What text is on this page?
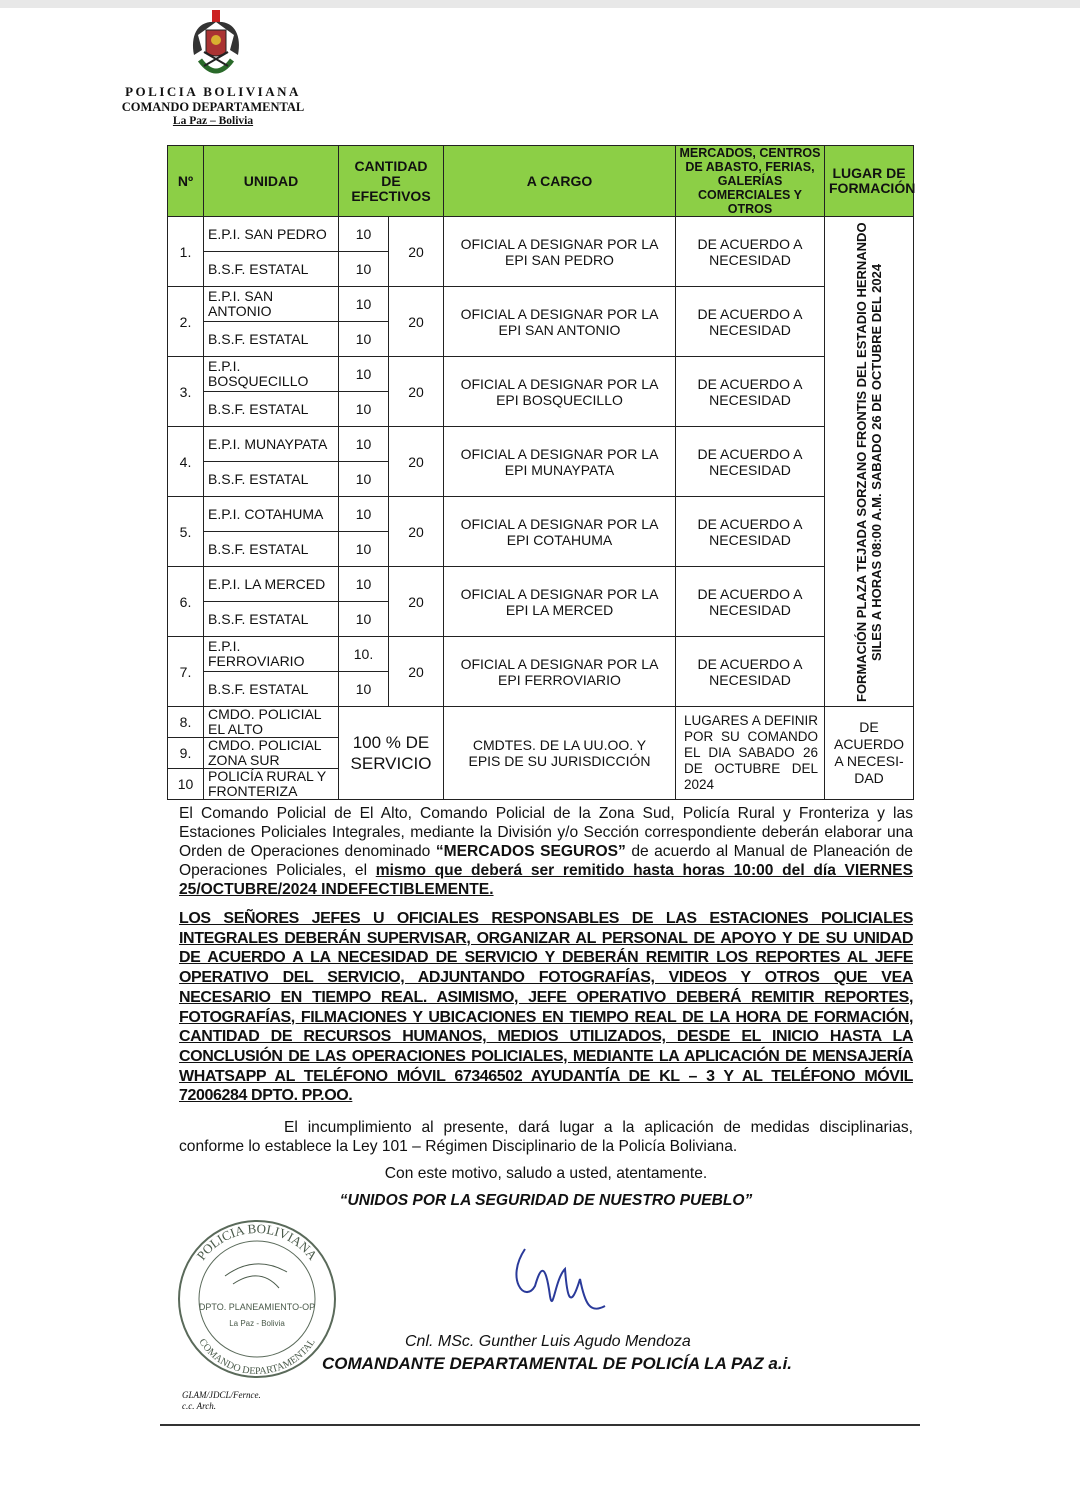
POLICIA BOLIVIANA
COMANDO DEPARTAMENTAL
La Paz – Bolivia
Nº	UNIDAD	CANTIDAD DE EFECTIVOS		A CARGO	MERCADOS, CENTROS DE ABASTO, FERIAS, GALERÍAS COMERCIALES Y OTROS	LUGAR DE FORMACIÓN
1.	E.P.I. SAN PEDRO	10	20	OFICIAL A DESIGNAR POR LA EPI SAN PEDRO	DE ACUERDO A NECESIDAD	FORMACIÓN PLAZA TEJADA SORZANO FRONTIS DEL ESTADIO HERNANDO SILES A HORAS 08:00 A.M. SABADO 26 DE OCTUBRE DEL 2024

	B.S.F. ESTATAL	10				
2.	E.P.I. SAN ANTONIO	10	20	OFICIAL A DESIGNAR POR LA EPI SAN ANTONIO	DE ACUERDO A NECESIDAD	
	B.S.F. ESTATAL	10				
3.	E.P.I. BOSQUECILLO	10	20	OFICIAL A DESIGNAR POR LA EPI BOSQUECILLO	DE ACUERDO A NECESIDAD	
	B.S.F. ESTATAL	10				
4.	E.P.I. MUNAYPATA	10	20	OFICIAL A DESIGNAR POR LA EPI MUNAYPATA	DE ACUERDO A NECESIDAD	
	B.S.F. ESTATAL	10				
5.	E.P.I. COTAHUMA	10	20	OFICIAL A DESIGNAR POR LA EPI COTAHUMA	DE ACUERDO A NECESIDAD	
	B.S.F. ESTATAL	10				
6.	E.P.I. LA MERCED	10	20	OFICIAL A DESIGNAR POR LA EPI LA MERCED	DE ACUERDO A NECESIDAD	
	B.S.F. ESTATAL	10				
7.	E.P.I. FERROVIARIO	10.	20	OFICIAL A DESIGNAR POR LA EPI FERROVIARIO	DE ACUERDO A NECESIDAD	
	B.S.F. ESTATAL	10				
8.	CMDO. POLICIAL EL ALTO	100 % DE SERVICIO		CMDTES. DE LA UU.OO. Y EPIS DE SU JURISDICCIÓN	LUGARES A DEFINIR POR SU COMANDO EL DIA SABADO 26 DE OCTUBRE DEL 2024	DE ACUERDO A NECESI-DAD
9.	CMDO. POLICIAL ZONA SUR					
10	POLICÍA RURAL Y FRONTERIZA					
El Comando Policial de El Alto, Comando Policial de la Zona Sud, Policía Rural y Fronteriza y las Estaciones Policiales Integrales, mediante la División y/o Sección correspondiente deberán elaborar una Orden de Operaciones denominado “MERCADOS SEGUROS” de acuerdo al Manual de Planeación de Operaciones Policiales, el mismo que deberá ser remitido hasta horas 10:00 del día VIERNES 25/OCTUBRE/2024 INDEFECTIBLEMENTE.
LOS SEÑORES JEFES U OFICIALES RESPONSABLES DE LAS ESTACIONES POLICIALES INTEGRALES DEBERÁN SUPERVISAR, ORGANIZAR AL PERSONAL DE APOYO Y DE SU UNIDAD DE ACUERDO A LA NECESIDAD DE SERVICIO Y DEBERÁN REMITIR LOS REPORTES AL JEFE OPERATIVO DEL SERVICIO, ADJUNTANDO FOTOGRAFÍAS, VIDEOS Y OTROS QUE VEA NECESARIO EN TIEMPO REAL. ASIMISMO, JEFE OPERATIVO DEBERÁ REMITIR REPORTES, FOTOGRAFÍAS, FILMACIONES Y UBICACIONES EN TIEMPO REAL DE LA HORA DE FORMACIÓN, CANTIDAD DE RECURSOS HUMANOS, MEDIOS UTILIZADOS, DESDE EL INICIO HASTA LA CONCLUSIÓN DE LAS OPERACIONES POLICIALES, MEDIANTE LA APLICACIÓN DE MENSAJERÍA WHATSAPP AL TELÉFONO MÓVIL 67346502 AYUDANTÍA DE KL – 3 Y AL TELÉFONO MÓVIL 72006284 DPTO. PP.OO.
El incumplimiento al presente, dará lugar a la aplicación de medidas disciplinarias, conforme lo establece la Ley 101 – Régimen Disciplinario de la Policía Boliviana.
Con este motivo, saludo a usted, atentamente.
“UNIDOS POR LA SEGURIDAD DE NUESTRO PUEBLO”
POLICIA BOLIVIANA
COMANDO DEPARTAMENTAL
DPTO. PLANEAMIENTO-OP
La Paz - Bolivia
Cnl. MSc. Gunther Luis Agudo Mendoza
COMANDANTE DEPARTAMENTAL DE POLICÍA LA PAZ a.i.
GLAM/JDCL/Fernce.
c.c. Arch.
